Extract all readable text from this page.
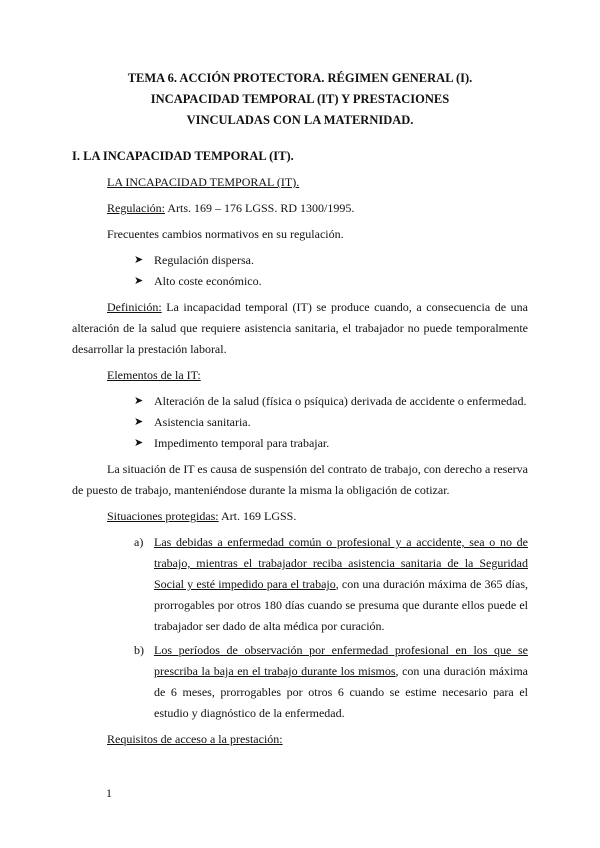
TEMA 6. ACCIÓN PROTECTORA. RÉGIMEN GENERAL (I).
INCAPACIDAD TEMPORAL (IT) Y PRESTACIONES
VINCULADAS CON LA MATERNIDAD.
I. LA INCAPACIDAD TEMPORAL (IT).

LA INCAPACIDAD TEMPORAL (IT).

Regulación: Arts. 169 – 176 LGSS. RD 1300/1995.

Frecuentes cambios normativos en su regulación.

➤ Regulación dispersa.
➤ Alto coste económico.

Definición: La incapacidad temporal (IT) se produce cuando, a consecuencia de una alteración de la salud que requiere asistencia sanitaria, el trabajador no puede temporalmente desarrollar la prestación laboral.

Elementos de la IT:

➤ Alteración de la salud (física o psíquica) derivada de accidente o enfermedad.
➤ Asistencia sanitaria.
➤ Impedimento temporal para trabajar.

La situación de IT es causa de suspensión del contrato de trabajo, con derecho a reserva de puesto de trabajo, manteniéndose durante la misma la obligación de cotizar.

Situaciones protegidas: Art. 169 LGSS.

a) Las debidas a enfermedad común o profesional y a accidente, sea o no de trabajo, mientras el trabajador reciba asistencia sanitaria de la Seguridad Social y esté impedido para el trabajo, con una duración máxima de 365 días, prorrogables por otros 180 días cuando se presuma que durante ellos puede el trabajador ser dado de alta médica por curación.
b) Los períodos de observación por enfermedad profesional en los que se prescriba la baja en el trabajo durante los mismos, con una duración máxima de 6 meses, prorrogables por otros 6 cuando se estime necesario para el estudio y diagnóstico de la enfermedad.

Requisitos de acceso a la prestación:

1
